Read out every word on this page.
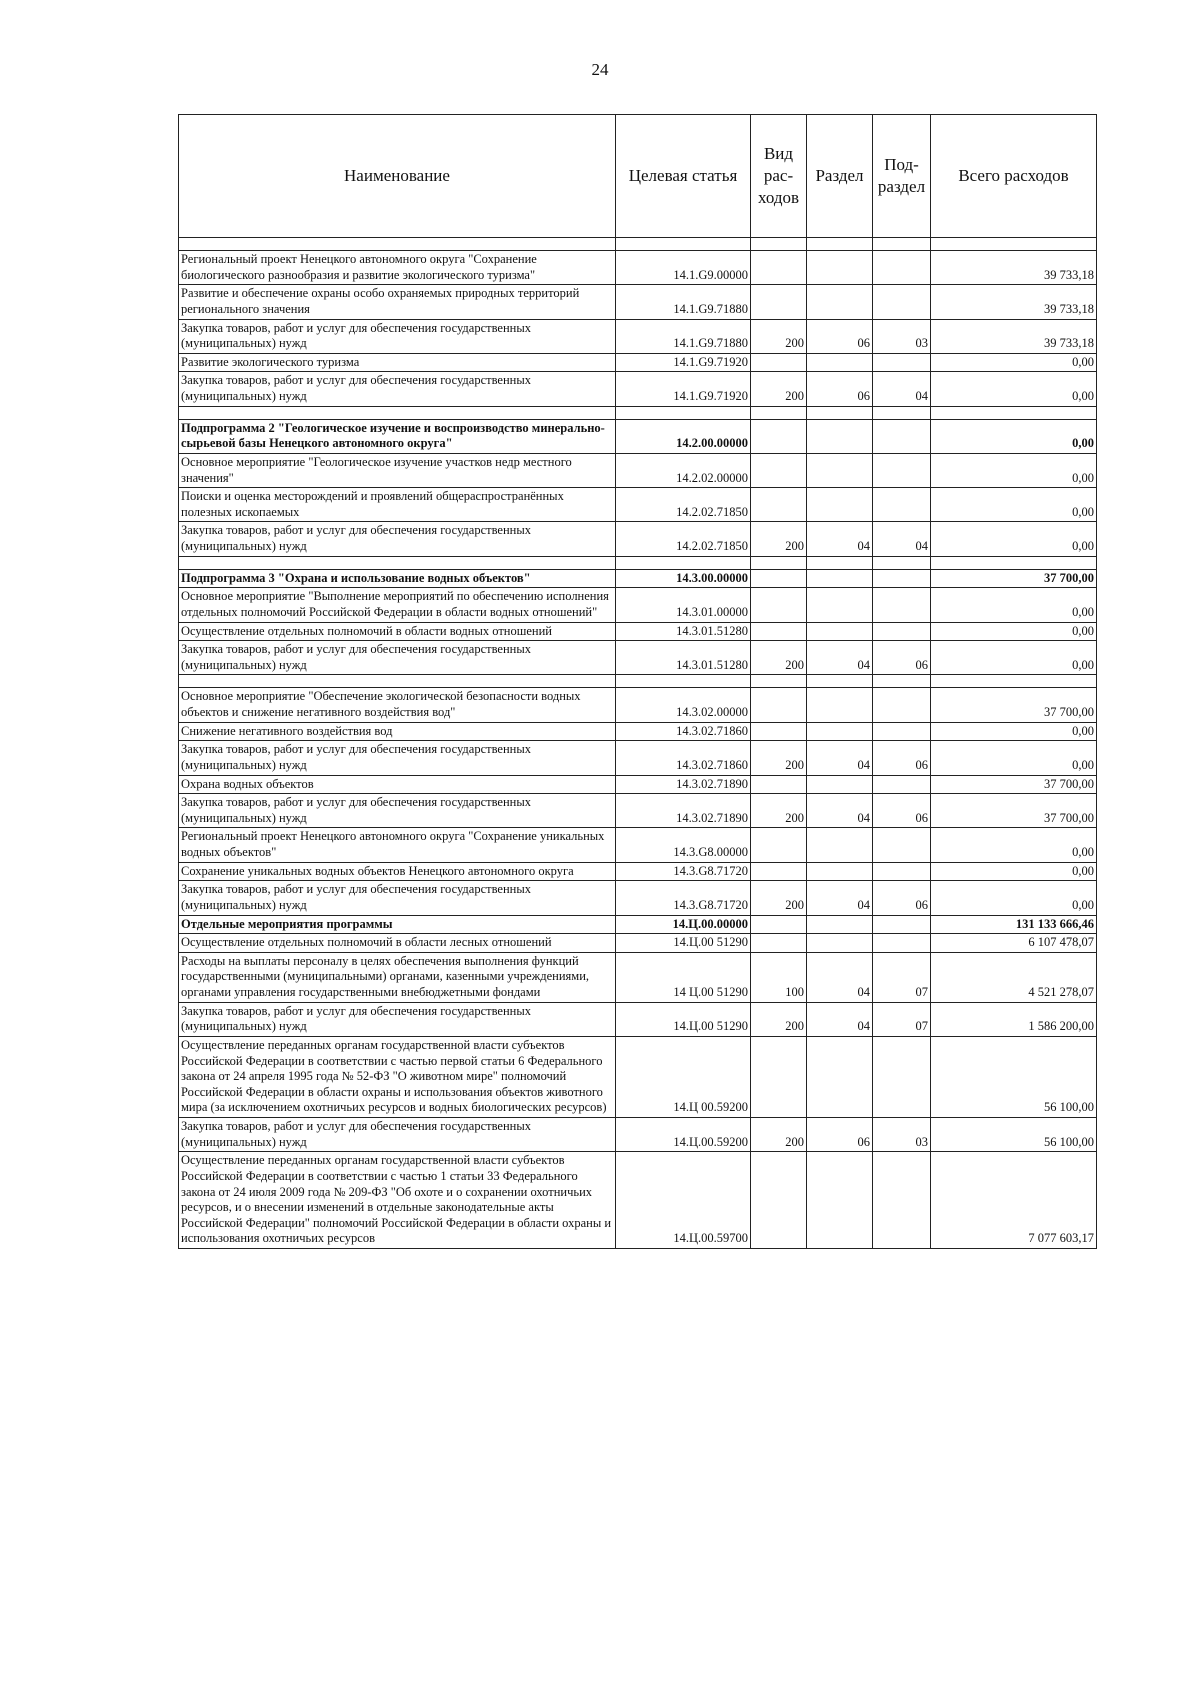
24
Наименование	Целевая статья	Вид рас- ходов	Раздел	Под- раздел	Всего расходов

Региональный проект Ненецкого автономного округа "Сохранение биологического разнообразия и развитие экологического туризма"	14.1.G9.00000				39 733,18
Развитие и обеспечение охраны особо охраняемых природных территорий регионального значения	14.1.G9.71880				39 733,18
Закупка товаров, работ и услуг для обеспечения государственных (муниципальных) нужд	14.1.G9.71880	200	06	03	39 733,18
Развитие экологического туризма	14.1.G9.71920				0,00
Закупка товаров, работ и услуг для обеспечения государственных (муниципальных) нужд	14.1.G9.71920	200	06	04	0,00

Подпрограмма 2 "Геологическое изучение и воспроизводство минерально-сырьевой базы Ненецкого автономного округа"	14.2.00.00000				0,00
Основное мероприятие "Геологическое изучение участков недр местного значения"	14.2.02.00000				0,00
Поиски и оценка месторождений и проявлений общераспространённых полезных ископаемых	14.2.02.71850				0,00
Закупка товаров, работ и услуг для обеспечения государственных (муниципальных) нужд	14.2.02.71850	200	04	04	0,00

Подпрограмма 3 "Охрана и использование водных объектов"	14.3.00.00000				37 700,00
Основное мероприятие "Выполнение мероприятий по обеспечению исполнения отдельных полномочий Российской Федерации в области водных отношений"	14.3.01.00000				0,00
Осуществление отдельных полномочий в области водных отношений	14.3.01.51280				0,00
Закупка товаров, работ и услуг для обеспечения государственных (муниципальных) нужд	14.3.01.51280	200	04	06	0,00

Основное мероприятие "Обеспечение экологической безопасности водных объектов и снижение негативного воздействия вод"	14.3.02.00000				37 700,00
Снижение негативного воздействия вод	14.3.02.71860				0,00
Закупка товаров, работ и услуг для обеспечения государственных (муниципальных) нужд	14.3.02.71860	200	04	06	0,00
Охрана водных объектов	14.3.02.71890				37 700,00
Закупка товаров, работ и услуг для обеспечения государственных (муниципальных) нужд	14.3.02.71890	200	04	06	37 700,00
Региональный проект Ненецкого автономного округа "Сохранение уникальных водных объектов"	14.3.G8.00000				0,00
Сохранение уникальных водных объектов Ненецкого автономного округа	14.3.G8.71720				0,00
Закупка товаров, работ и услуг для обеспечения государственных (муниципальных) нужд	14.3.G8.71720	200	04	06	0,00
Отдельные мероприятия программы	14.Ц.00.00000				131 133 666,46
Осуществление отдельных полномочий в области лесных отношений	14.Ц.00 51290				6 107 478,07
Расходы на выплаты персоналу в целях обеспечения выполнения функций государственными (муниципальными) органами, казенными учреждениями, органами управления государственными внебюджетными фондами	14 Ц.00 51290	100	04	07	4 521 278,07
Закупка товаров, работ и услуг для обеспечения государственных (муниципальных) нужд	14.Ц.00 51290	200	04	07	1 586 200,00
Осуществление переданных органам государственной власти субъектов Российской Федерации в соответствии с частью первой статьи 6 Федерального закона от 24 апреля 1995 года № 52-ФЗ "О животном мире" полномочий Российской Федерации в области охраны и использования объектов животного мира (за исключением охотничьих ресурсов и водных биологических ресурсов)	14.Ц 00.59200				56 100,00
Закупка товаров, работ и услуг для обеспечения государственных (муниципальных) нужд	14.Ц.00.59200	200	06	03	56 100,00
Осуществление переданных органам государственной власти субъектов Российской Федерации в соответствии с частью 1 статьи 33 Федерального закона от 24 июля 2009 года № 209-ФЗ "Об охоте и о сохранении охотничьих ресурсов, и о внесении изменений в отдельные законодательные акты Российской Федерации" полномочий Российской Федерации в области охраны и использования охотничьих ресурсов	14.Ц.00.59700				7 077 603,17
